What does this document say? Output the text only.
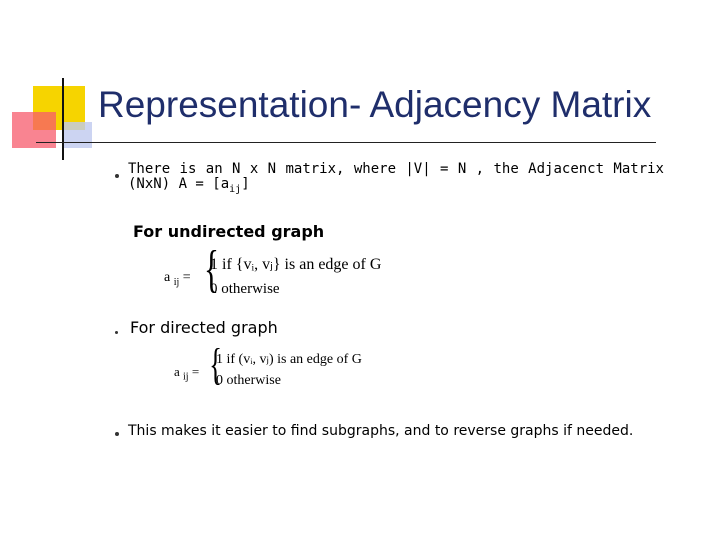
Representation- Adjacency Matrix
There is an N x N matrix, where |V| = N , the Adjacenct Matrix
(NxN) $A = [a_{ij}]$
For undirected graph
a $_{ij}$ = {
1 if {vᵢ, vⱼ} is an edge of G
0 otherwise
For directed graph
a $_{ij}$ = {
1 if (vᵢ, vⱼ) is an edge of G
0 otherwise
This makes it easier to find subgraphs, and to reverse graphs if needed.
